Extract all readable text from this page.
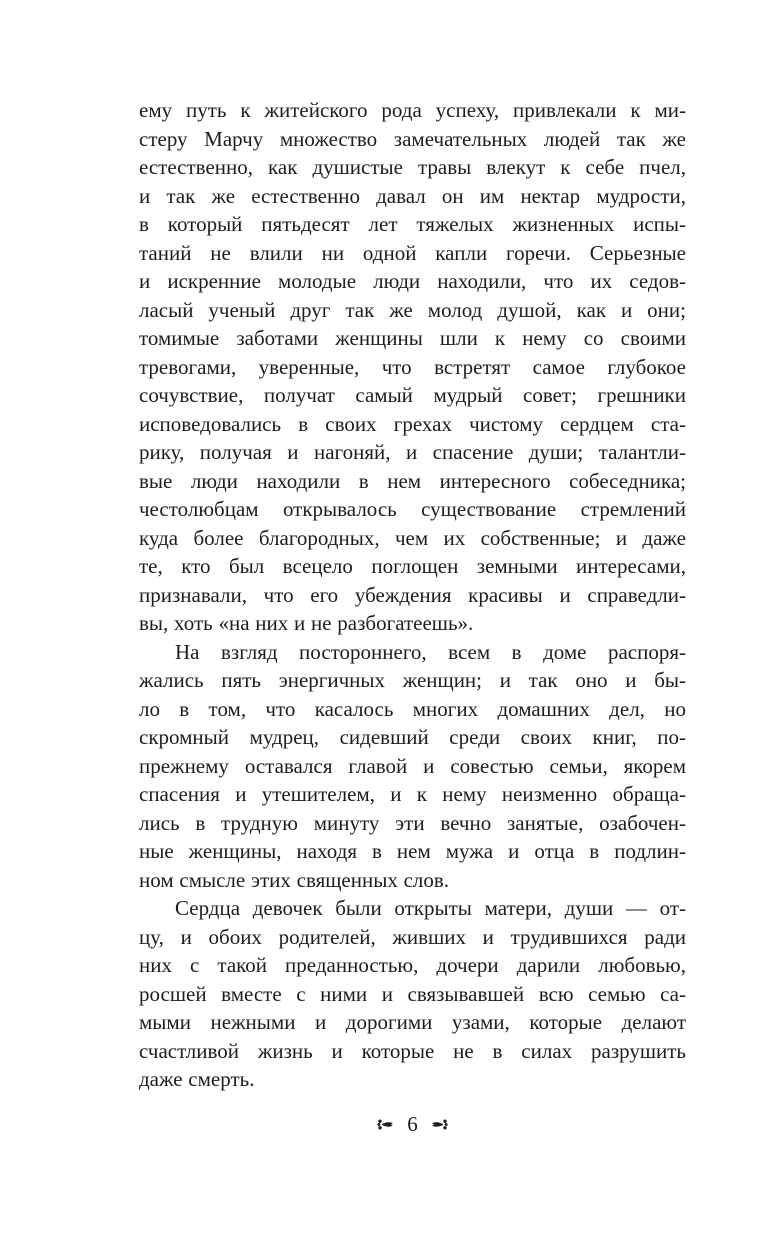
ему путь к житейского рода успеху, привлекали к ми-
стеру Марчу множество замечательных людей так же
естественно, как душистые травы влекут к себе пчел,
и так же естественно давал он им нектар мудрости,
в который пятьдесят лет тяжелых жизненных испы-
таний не влили ни одной капли горечи. Серьезные
и искренние молодые люди находили, что их седов-
ласый ученый друг так же молод душой, как и они;
томимые заботами женщины шли к нему со своими
тревогами, уверенные, что встретят самое глубокое
сочувствие, получат самый мудрый совет; грешники
исповедовались в своих грехах чистому сердцем ста-
рику, получая и нагоняй, и спасение души; талантли-
вые люди находили в нем интересного собеседника;
честолюбцам открывалось существование стремлений
куда более благородных, чем их собственные; и даже
те, кто был всецело поглощен земными интересами,
признавали, что его убеждения красивы и справедли-
вы, хоть «на них и не разбогатеешь».
На взгляд постороннего, всем в доме распоря-
жались пять энергичных женщин; и так оно и бы-
ло в том, что касалось многих домашних дел, но
скромный мудрец, сидевший среди своих книг, по-
прежнему оставался главой и совестью семьи, якорем
спасения и утешителем, и к нему неизменно обраща-
лись в трудную минуту эти вечно занятые, озабочен-
ные женщины, находя в нем мужа и отца в подлин-
ном смысле этих священных слов.
Сердца девочек были открыты матери, души — от-
цу, и обоих родителей, живших и трудившихся ради
них с такой преданностью, дочери дарили любовью,
росшей вместе с ними и связывавшей всю семью са-
мыми нежными и дорогими узами, которые делают
счастливой жизнь и которые не в силах разрушить
даже смерть.
6
